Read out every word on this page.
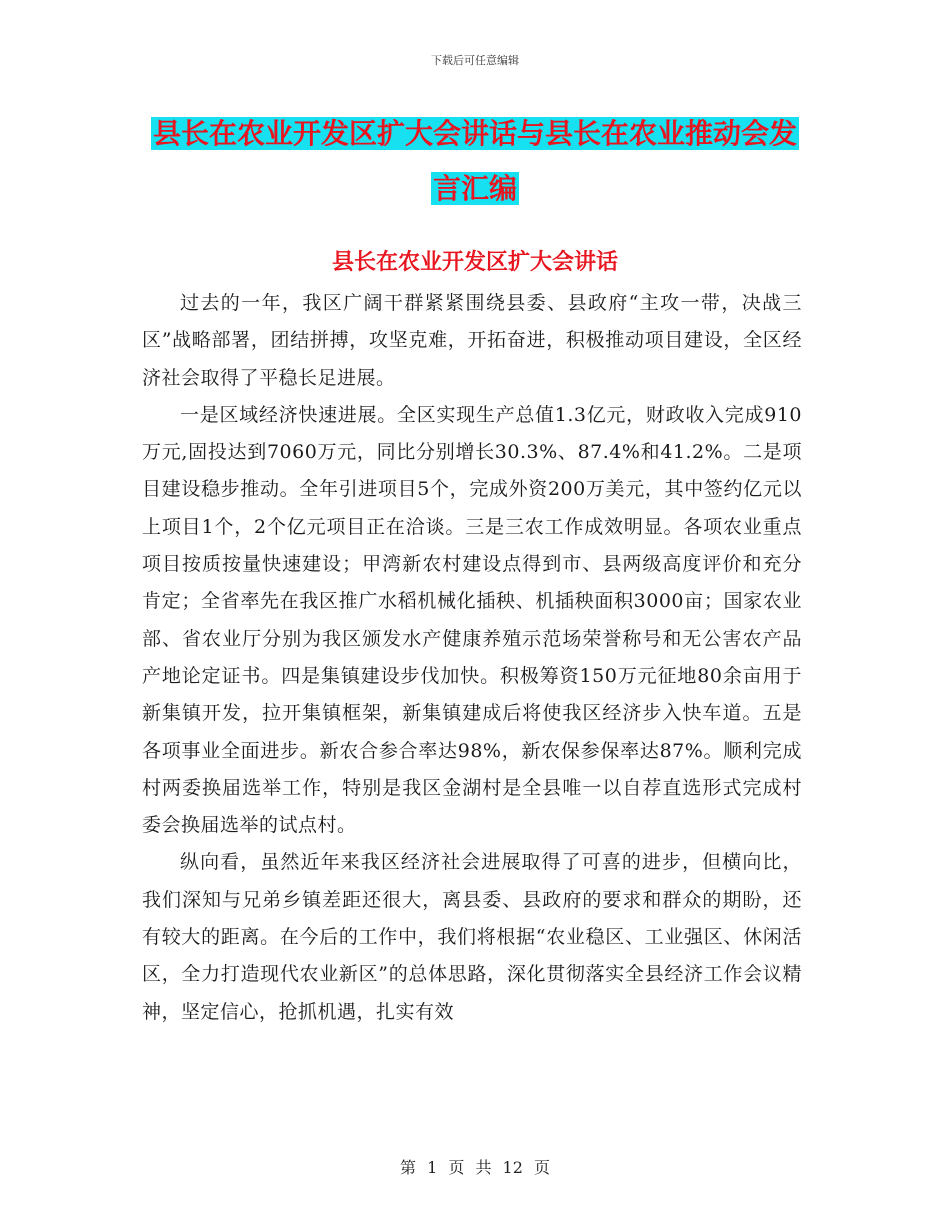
下载后可任意编辑
县长在农业开发区扩大会讲话与县长在农业推动会发
言汇编
县长在农业开发区扩大会讲话

过去的一年，我区广阔干群紧紧围绕县委、县政府“主攻一带，决战三区”战略部署，团结拼搏，攻坚克难，开拓奋进，积极推动项目建设，全区经济社会取得了平稳长足进展。

一是区域经济快速进展。全区实现生产总值1.3亿元，财政收入完成910万元,固投达到7060万元，同比分别增长30.3%、87.4%和41.2%。二是项目建设稳步推动。全年引进项目5个，完成外资200万美元，其中签约亿元以上项目1个，2个亿元项目正在洽谈。三是三农工作成效明显。各项农业重点项目按质按量快速建设；甲湾新农村建设点得到市、县两级高度评价和充分肯定；全省率先在我区推广水稻机械化插秧、机插秧面积3000亩；国家农业部、省农业厅分别为我区颁发水产健康养殖示范场荣誉称号和无公害农产品产地论定证书。四是集镇建设步伐加快。积极筹资150万元征地80余亩用于新集镇开发，拉开集镇框架，新集镇建成后将使我区经济步入快车道。五是各项事业全面进步。新农合参合率达98%，新农保参保率达87%。顺利完成村两委换届选举工作，特别是我区金湖村是全县唯一以自荐直选形式完成村委会换届选举的试点村。

纵向看，虽然近年来我区经济社会进展取得了可喜的进步，但横向比，我们深知与兄弟乡镇差距还很大，离县委、县政府的要求和群众的期盼，还有较大的距离。在今后的工作中，我们将根据“农业稳区、工业强区、休闲活区，全力打造现代农业新区”的总体思路，深化贯彻落实全县经济工作会议精神，坚定信心，抢抓机遇，扎实有效

第 1 页 共 12 页
